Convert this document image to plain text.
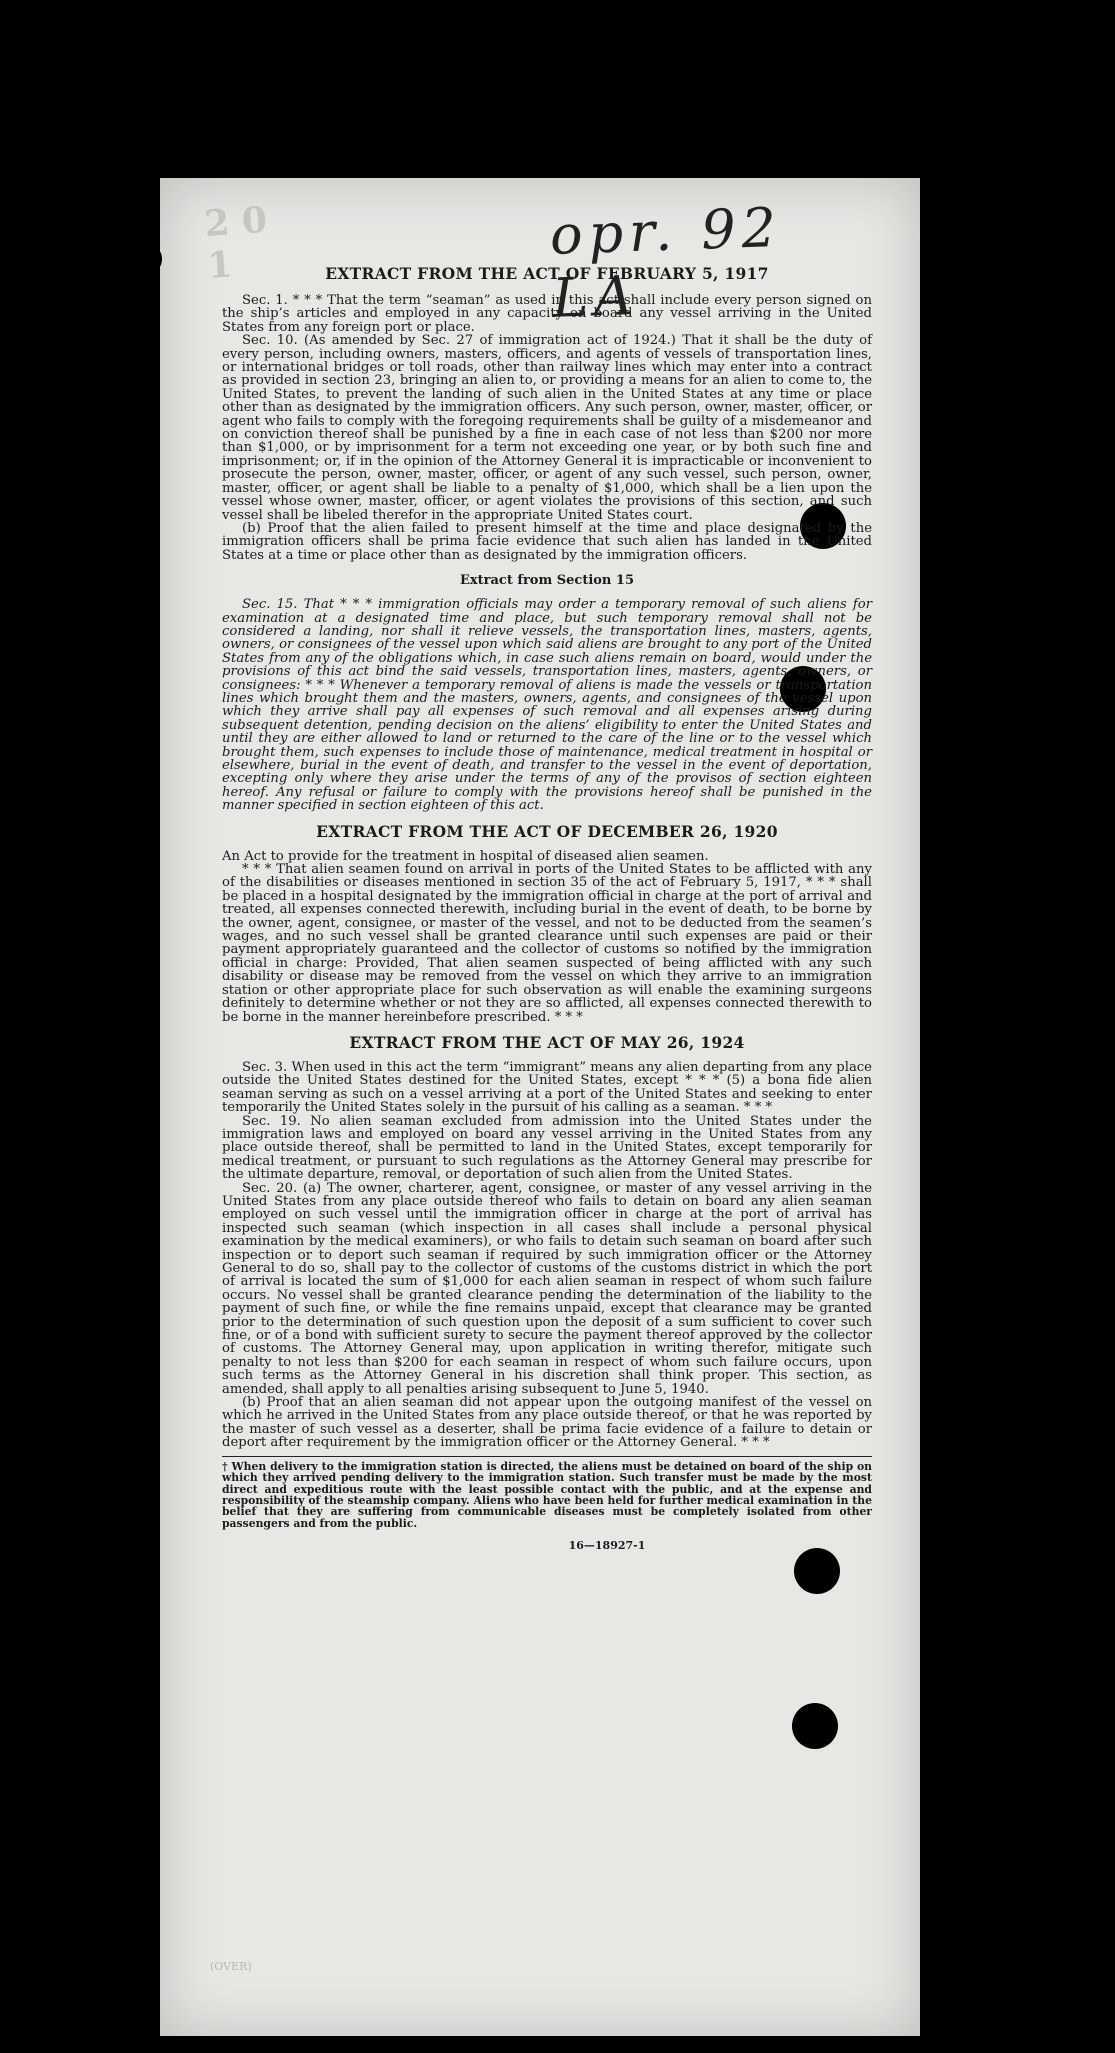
2 0 1	opr. 92 LA
EXTRACT FROM THE ACT OF FEBRUARY 5, 1917

Sec. 1. * * * That the term “seaman” as used in this act shall include every person signed on the ship’s articles and employed in any capacity on board any vessel arriving in the United States from any foreign port or place.

Sec. 10. (As amended by Sec. 27 of immigration act of 1924.) That it shall be the duty of every person, including owners, masters, officers, and agents of vessels of transportation lines, or international bridges or toll roads, other than railway lines which may enter into a contract as provided in section 23, bringing an alien to, or providing a means for an alien to come to, the United States, to prevent the landing of such alien in the United States at any time or place other than as designated by the immigration officers. Any such person, owner, master, officer, or agent who fails to comply with the foregoing requirements shall be guilty of a misdemeanor and on conviction thereof shall be punished by a fine in each case of not less than $200 nor more than $1,000, or by imprisonment for a term not exceeding one year, or by both such fine and imprisonment; or, if in the opinion of the Attorney General it is impracticable or inconvenient to prosecute the person, owner, master, officer, or agent of any such vessel, such person, owner, master, officer, or agent shall be liable to a penalty of $1,000, which shall be a lien upon the vessel whose owner, master, officer, or agent violates the provisions of this section, and such vessel shall be libeled therefor in the appropriate United States court.

(b) Proof that the alien failed to present himself at the time and place designated by the immigration officers shall be prima facie evidence that such alien has landed in the United States at a time or place other than as designated by the immigration officers.

Extract from Section 15

Sec. 15. That * * * immigration officials may order a temporary removal of such aliens for examination at a designated time and place, but such temporary removal shall not be considered a landing, nor shall it relieve vessels, the transportation lines, masters, agents, owners, or consignees of the vessel upon which said aliens are brought to any port of the United States from any of the obligations which, in case such aliens remain on board, would under the provisions of this act bind the said vessels, transportation lines, masters, agents, owners, or consignees: * * * Whenever a temporary removal of aliens is made the vessels or transportation lines which brought them and the masters, owners, agents, and consignees of the vessel upon which they arrive shall pay all expenses of such removal and all expenses arising during subsequent detention, pending decision on the aliens’ eligibility to enter the United States and until they are either allowed to land or returned to the care of the line or to the vessel which brought them, such expenses to include those of maintenance, medical treatment in hospital or elsewhere, burial in the event of death, and transfer to the vessel in the event of deportation, excepting only where they arise under the terms of any of the provisos of section eighteen hereof. Any refusal or failure to comply with the provisions hereof shall be punished in the manner specified in section eighteen of this act.

EXTRACT FROM THE ACT OF DECEMBER 26, 1920

An Act to provide for the treatment in hospital of diseased alien seamen.

* * * That alien seamen found on arrival in ports of the United States to be afflicted with any of the disabilities or diseases mentioned in section 35 of the act of February 5, 1917, * * * shall be placed in a hospital designated by the immigration official in charge at the port of arrival and treated, all expenses connected therewith, including burial in the event of death, to be borne by the owner, agent, consignee, or master of the vessel, and not to be deducted from the seamen’s wages, and no such vessel shall be granted clearance until such expenses are paid or their payment appropriately guaranteed and the collector of customs so notified by the immigration official in charge: Provided, That alien seamen suspected of being afflicted with any such disability or disease may be removed from the vessel on which they arrive to an immigration station or other appropriate place for such observation as will enable the examining surgeons definitely to determine whether or not they are so afflicted, all expenses connected therewith to be borne in the manner hereinbefore prescribed. * * *

EXTRACT FROM THE ACT OF MAY 26, 1924

Sec. 3. When used in this act the term “immigrant” means any alien departing from any place outside the United States destined for the United States, except * * * (5) a bona fide alien seaman serving as such on a vessel arriving at a port of the United States and seeking to enter temporarily the United States solely in the pursuit of his calling as a seaman. * * *

Sec. 19. No alien seaman excluded from admission into the United States under the immigration laws and employed on board any vessel arriving in the United States from any place outside thereof, shall be permitted to land in the United States, except temporarily for medical treatment, or pursuant to such regulations as the Attorney General may prescribe for the ultimate departure, removal, or deportation of such alien from the United States.

Sec. 20. (a) The owner, charterer, agent, consignee, or master of any vessel arriving in the United States from any place outside thereof who fails to detain on board any alien seaman employed on such vessel until the immigration officer in charge at the port of arrival has inspected such seaman (which inspection in all cases shall include a personal physical examination by the medical examiners), or who fails to detain such seaman on board after such inspection or to deport such seaman if required by such immigration officer or the Attorney General to do so, shall pay to the collector of customs of the customs district in which the port of arrival is located the sum of $1,000 for each alien seaman in respect of whom such failure occurs. No vessel shall be granted clearance pending the determination of the liability to the payment of such fine, or while the fine remains unpaid, except that clearance may be granted prior to the determination of such question upon the deposit of a sum sufficient to cover such fine, or of a bond with sufficient surety to secure the payment thereof approved by the collector of customs. The Attorney General may, upon application in writing therefor, mitigate such penalty to not less than $200 for each seaman in respect of whom such failure occurs, upon such terms as the Attorney General in his discretion shall think proper. This section, as amended, shall apply to all penalties arising subsequent to June 5, 1940.

(b) Proof that an alien seaman did not appear upon the outgoing manifest of the vessel on which he arrived in the United States from any place outside thereof, or that he was reported by the master of such vessel as a deserter, shall be prima facie evidence of a failure to detain or deport after requirement by the immigration officer or the Attorney General. * * *

† When delivery to the immigration station is directed, the aliens must be detained on board of the ship on which they arrived pending delivery to the immigration station. Such transfer must be made by the most direct and expeditious route with the least possible contact with the public, and at the expense and responsibility of the steamship company. Aliens who have been held for further medical examination in the belief that they are suffering from communicable diseases must be completely isolated from other passengers and from the public.

16—18927-1
(OVER)
